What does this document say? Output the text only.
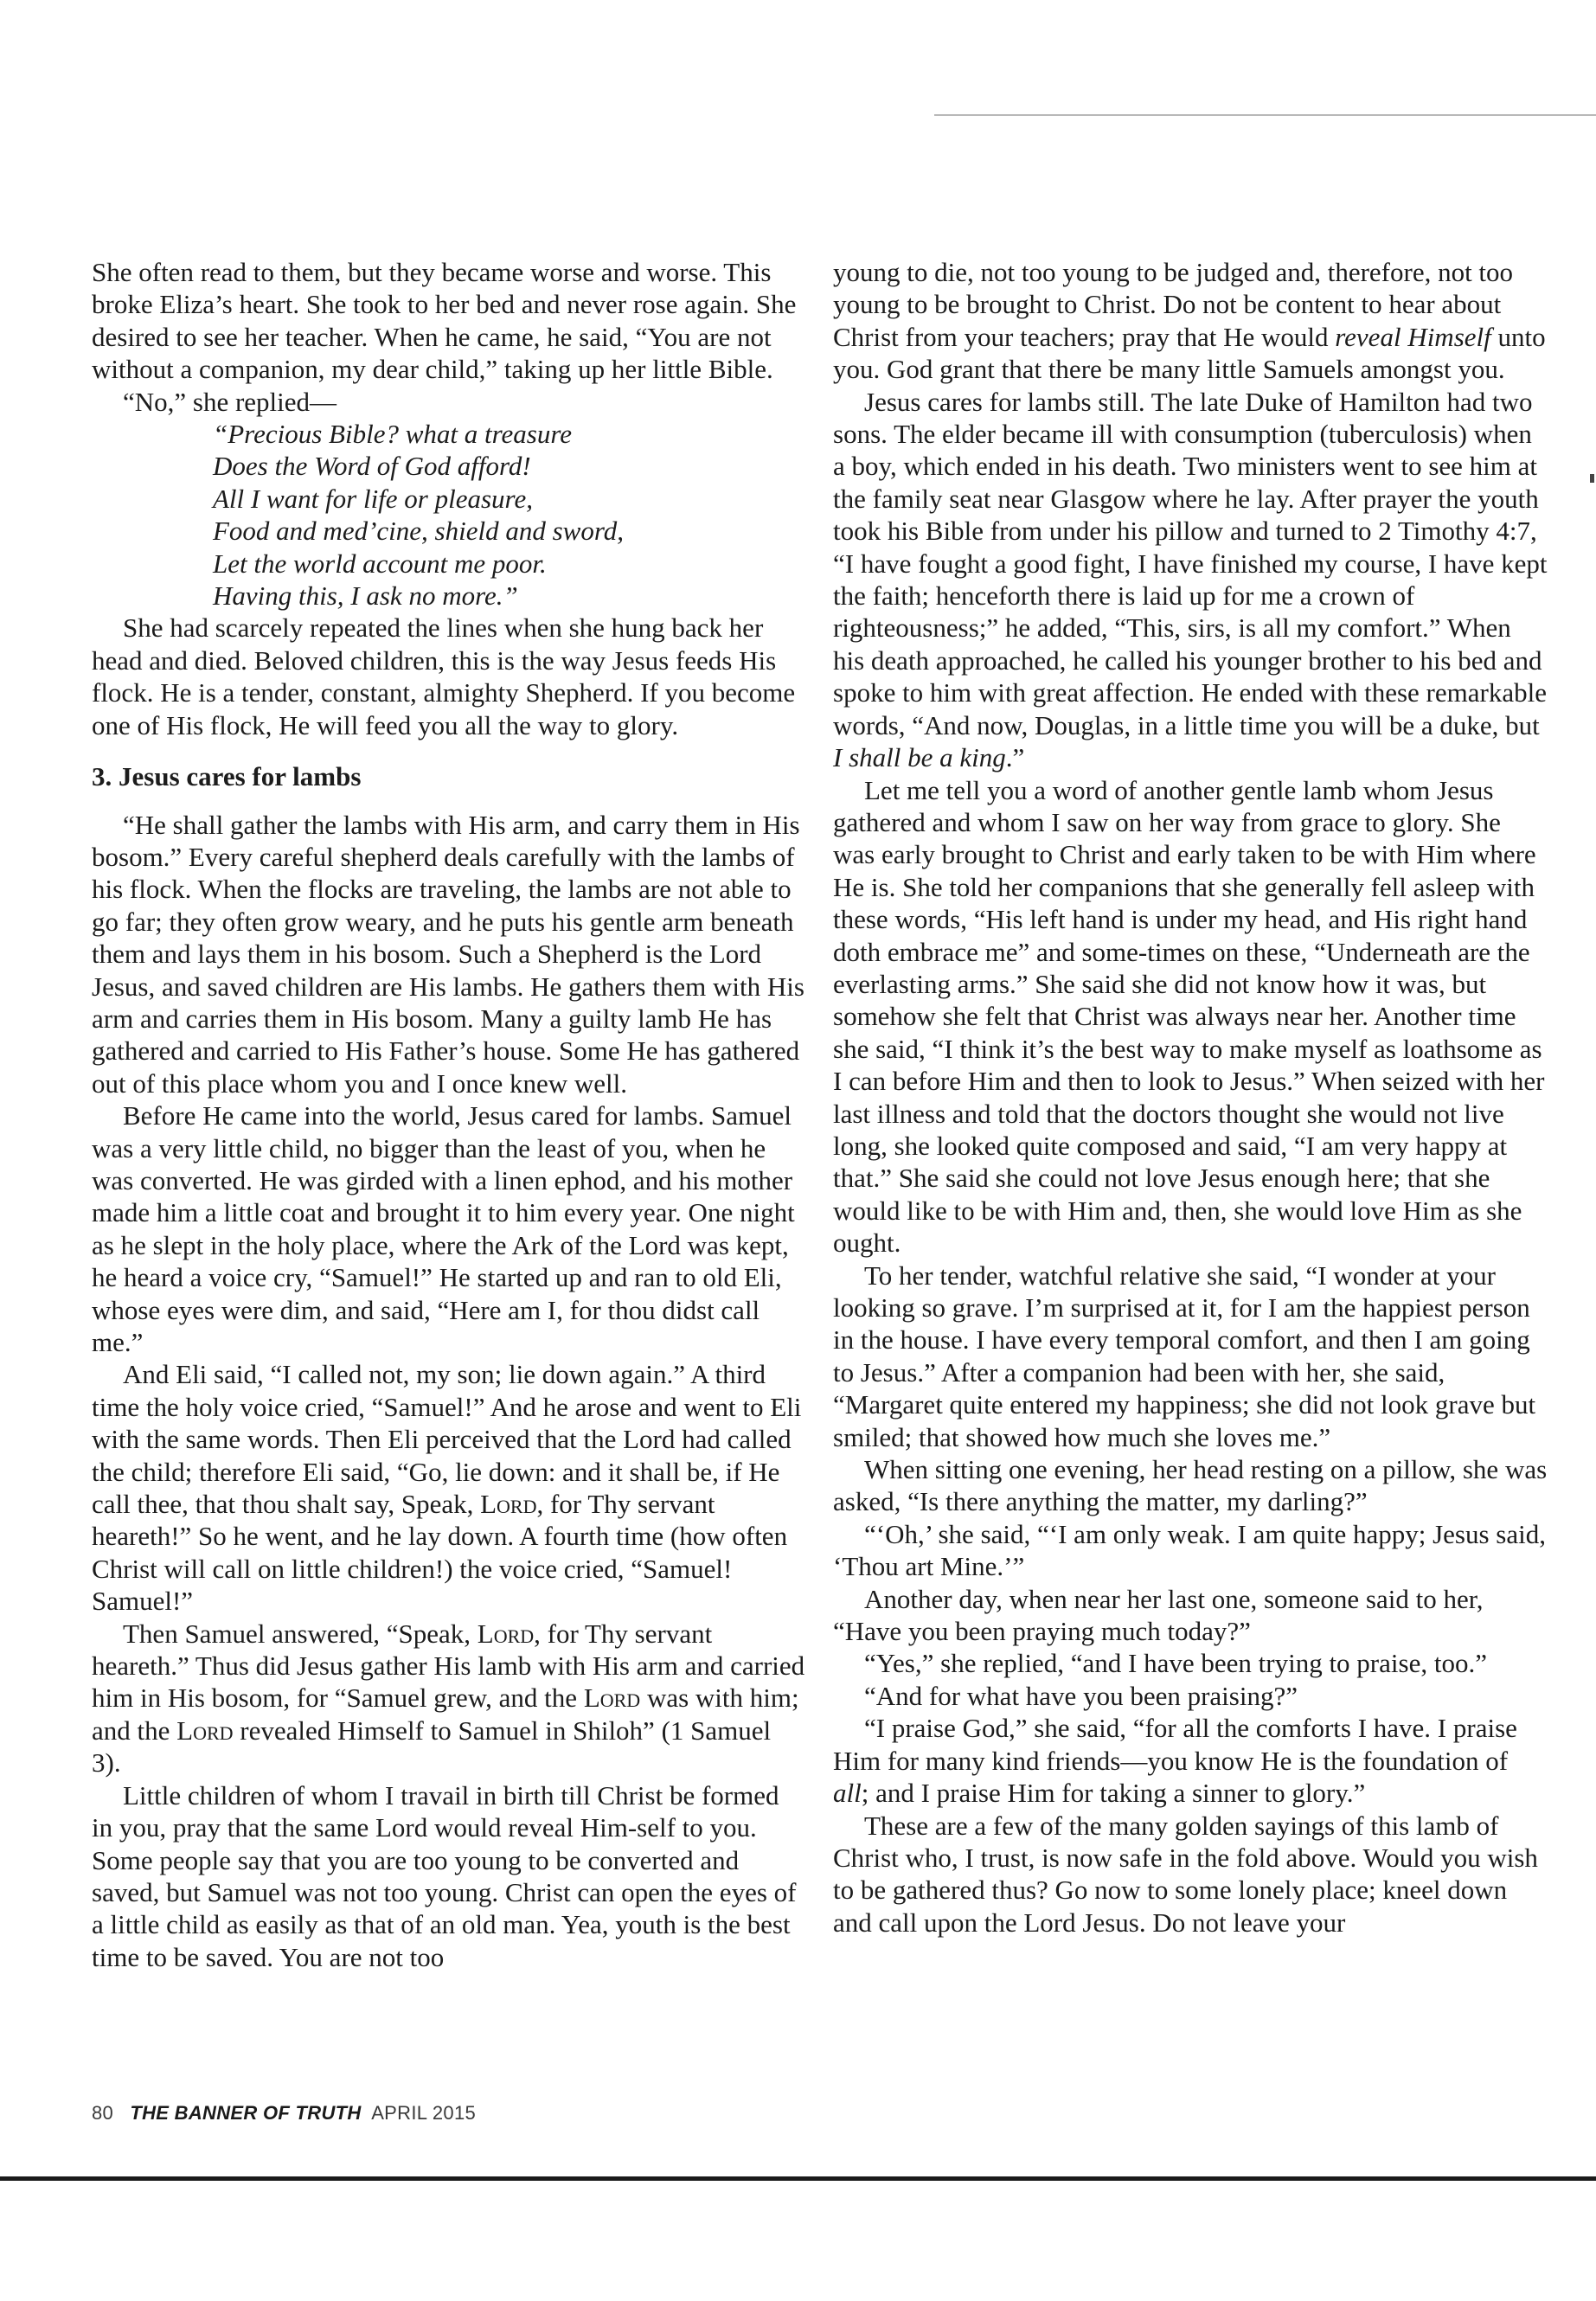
She often read to them, but they became worse and worse. This broke Eliza’s heart. She took to her bed and never rose again. She desired to see her teacher. When he came, he said, “You are not without a companion, my dear child,” taking up her little Bible.

“No,” she replied—

“Precious Bible? what a treasure
Does the Word of God afford!
All I want for life or pleasure,
Food and med’cine, shield and sword,
Let the world account me poor.
Having this, I ask no more.”

She had scarcely repeated the lines when she hung back her head and died. Beloved children, this is the way Jesus feeds His flock. He is a tender, constant, almighty Shepherd. If you become one of His flock, He will feed you all the way to glory.

3. Jesus cares for lambs

“He shall gather the lambs with His arm, and carry them in His bosom.” Every careful shepherd deals carefully with the lambs of his flock. When the flocks are traveling, the lambs are not able to go far; they often grow weary, and he puts his gentle arm beneath them and lays them in his bosom. Such a Shepherd is the Lord Jesus, and saved children are His lambs. He gathers them with His arm and carries them in His bosom. Many a guilty lamb He has gathered and carried to His Father’s house. Some He has gathered out of this place whom you and I once knew well.

Before He came into the world, Jesus cared for lambs. Samuel was a very little child, no bigger than the least of you, when he was converted. He was girded with a linen ephod, and his mother made him a little coat and brought it to him every year. One night as he slept in the holy place, where the Ark of the Lord was kept, he heard a voice cry, “Samuel!” He started up and ran to old Eli, whose eyes were dim, and said, “Here am I, for thou didst call me.”

And Eli said, “I called not, my son; lie down again.” A third time the holy voice cried, “Samuel!” And he arose and went to Eli with the same words. Then Eli perceived that the Lord had called the child; therefore Eli said, “Go, lie down: and it shall be, if He call thee, that thou shalt say, Speak, Lord, for Thy servant heareth!” So he went, and he lay down. A fourth time (how often Christ will call on little children!) the voice cried, “Samuel! Samuel!”

Then Samuel answered, “Speak, Lord, for Thy servant heareth.” Thus did Jesus gather His lamb with His arm and carried him in His bosom, for “Samuel grew, and the Lord was with him; and the Lord revealed Himself to Samuel in Shiloh” (1 Samuel 3).

Little children of whom I travail in birth till Christ be formed in you, pray that the same Lord would reveal Him-self to you. Some people say that you are too young to be converted and saved, but Samuel was not too young. Christ can open the eyes of a little child as easily as that of an old man. Yea, youth is the best time to be saved. You are not too

young to die, not too young to be judged and, therefore, not too young to be brought to Christ. Do not be content to hear about Christ from your teachers; pray that He would reveal Himself unto you. God grant that there be many little Samuels amongst you.

Jesus cares for lambs still. The late Duke of Hamilton had two sons. The elder became ill with consumption (tuberculosis) when a boy, which ended in his death. Two ministers went to see him at the family seat near Glasgow where he lay. After prayer the youth took his Bible from under his pillow and turned to 2 Timothy 4:7, “I have fought a good fight, I have finished my course, I have kept the faith; henceforth there is laid up for me a crown of righteousness;” he added, “This, sirs, is all my comfort.” When his death approached, he called his younger brother to his bed and spoke to him with great affection. He ended with these remarkable words, “And now, Douglas, in a little time you will be a duke, but I shall be a king.”

Let me tell you a word of another gentle lamb whom Jesus gathered and whom I saw on her way from grace to glory. She was early brought to Christ and early taken to be with Him where He is. She told her companions that she generally fell asleep with these words, “His left hand is under my head, and His right hand doth embrace me” and some-times on these, “Underneath are the everlasting arms.” She said she did not know how it was, but somehow she felt that Christ was always near her. Another time she said, “I think it’s the best way to make myself as loathsome as I can before Him and then to look to Jesus.” When seized with her last illness and told that the doctors thought she would not live long, she looked quite composed and said, “I am very happy at that.” She said she could not love Jesus enough here; that she would like to be with Him and, then, she would love Him as she ought.

To her tender, watchful relative she said, “I wonder at your looking so grave. I’m surprised at it, for I am the happiest person in the house. I have every temporal comfort, and then I am going to Jesus.” After a companion had been with her, she said, “Margaret quite entered my happiness; she did not look grave but smiled; that showed how much she loves me.”

When sitting one evening, her head resting on a pillow, she was asked, “Is there anything the matter, my darling?”

“‘Oh,’ she said, “‘I am only weak. I am quite happy; Jesus said, ‘Thou art Mine.’”

Another day, when near her last one, someone said to her, “Have you been praying much today?”

“Yes,” she replied, “and I have been trying to praise, too.”

“And for what have you been praising?”

“I praise God,” she said, “for all the comforts I have. I praise Him for many kind friends—you know He is the foundation of all; and I praise Him for taking a sinner to glory.”

These are a few of the many golden sayings of this lamb of Christ who, I trust, is now safe in the fold above. Would you wish to be gathered thus? Go now to some lonely place; kneel down and call upon the Lord Jesus. Do not leave your

80 THE BANNER OF TRUTH APRIL 2015
